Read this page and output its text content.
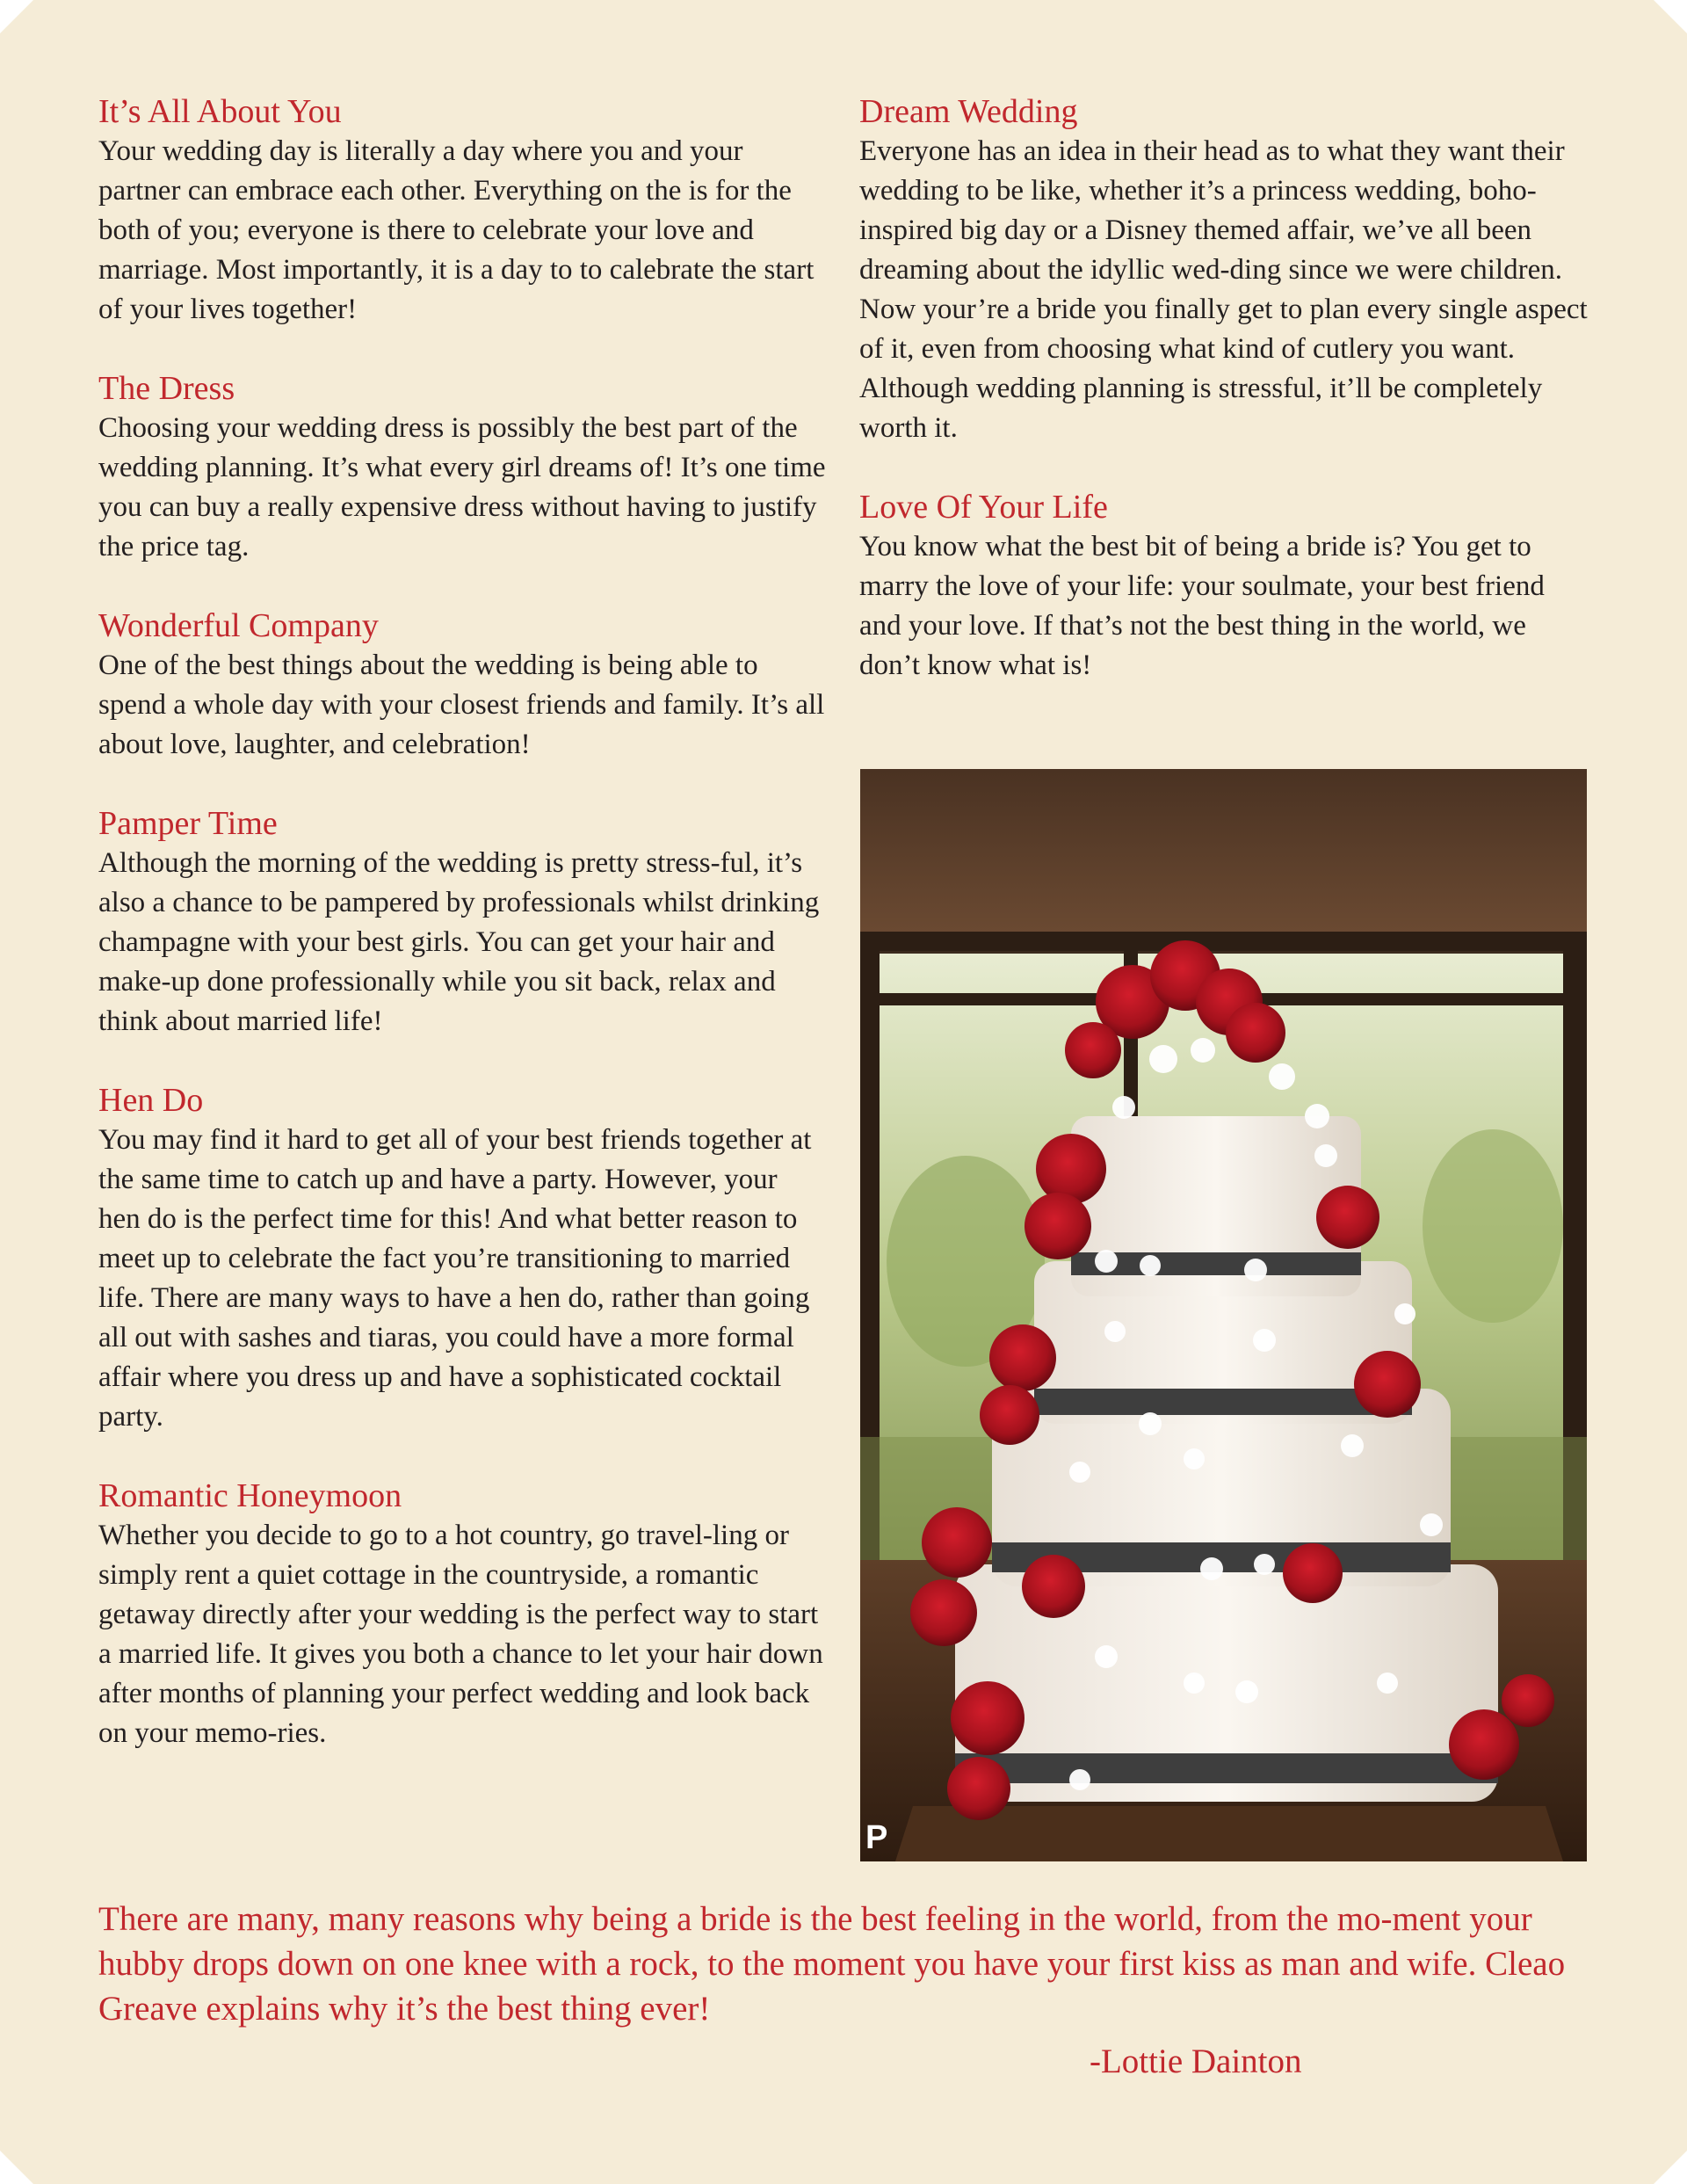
It’s All About You

Your wedding day is literally a day where you and your partner can embrace each other. Everything on the is for the both of you; everyone is there to celebrate your love and marriage. Most importantly, it is a day to to calebrate the start of your lives together!

The Dress

Choosing your wedding dress is possibly the best part of the wedding planning. It’s what every girl dreams of! It’s one time you can buy a really expensive dress without having to justify the price tag.

Wonderful Company

One of the best things about the wedding is being able to spend a whole day with your closest friends and family. It’s all about love, laughter, and celebration!

Pamper Time

Although the morning of the wedding is pretty stress-ful, it’s also a chance to be pampered by professionals whilst drinking champagne with your best girls. You can get your hair and make-up done professionally while you sit back, relax and think about married life!

Hen Do

You may find it hard to get all of your best friends together at the same time to catch up and have a party. However, your hen do is the perfect time for this! And what better reason to meet up to celebrate the fact you’re transitioning to married life. There are many ways to have a hen do, rather than going all out with sashes and tiaras, you could have a more formal affair where you dress up and have a sophisticated cocktail party.

Romantic Honeymoon

Whether you decide to go to a hot country, go travel-ling or simply rent a quiet cottage in the countryside, a romantic getaway directly after your wedding is the perfect way to start a married life. It gives you both a chance to let your hair down after months of planning your perfect wedding and look back on your memo-ries.

Dream Wedding

Everyone has an idea in their head as to what they want their wedding to be like, whether it’s a princess wedding, boho-inspired big day or a Disney themed affair, we’ve all been dreaming about the idyllic wed-ding since we were children. Now your’re a bride you finally get to plan every single aspect of it, even from choosing what kind of cutlery you want. Although wedding planning is stressful, it’ll be completely worth it.

Love Of Your Life

You know what the best bit of being a bride is? You get to marry the love of your life: your soulmate, your best friend and your love. If that’s not the best thing in the world, we don’t know what is!

P

There are many, many reasons why being a bride is the best feeling in the world, from the mo-ment your hubby drops down on one knee with a rock, to the moment you have your first kiss as man and wife. Cleao Greave explains why it’s the best thing ever!

-Lottie Dainton
